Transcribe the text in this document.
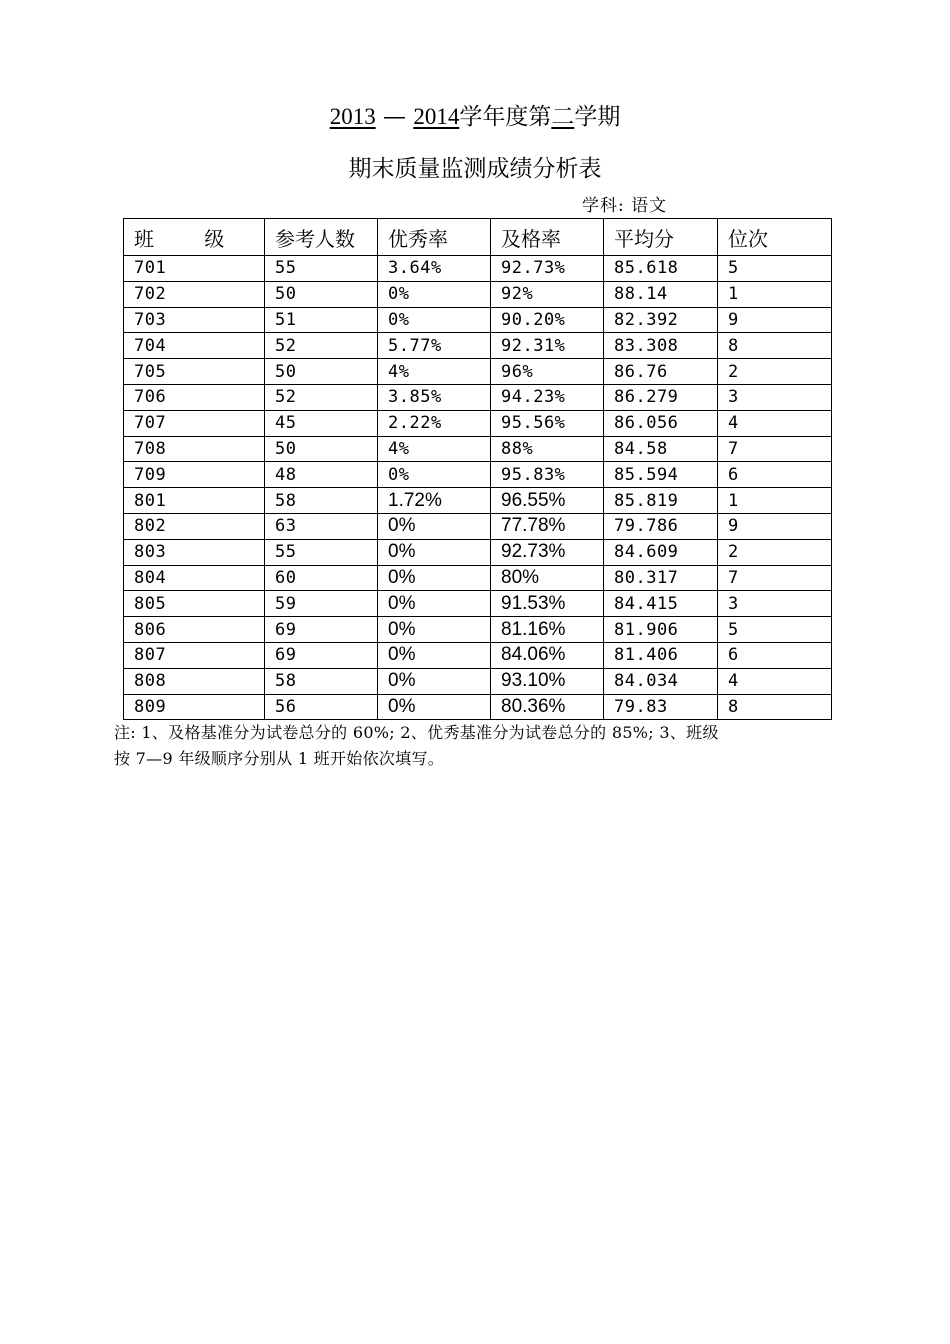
2013 — 2014学年度第二学期
期末质量监测成绩分析表
学科: 语文
班 级	参考人数	优秀率	及格率	平均分	位次
701	55	3.64%	92.73%	85.618	5
702	50	0%	92%	88.14	1
703	51	0%	90.20%	82.392	9
704	52	5.77%	92.31%	83.308	8
705	50	4%	96%	86.76	2
706	52	3.85%	94.23%	86.279	3
707	45	2.22%	95.56%	86.056	4
708	50	4%	88%	84.58	7
709	48	0%	95.83%	85.594	6
801	58	1.72%	96.55%	85.819	1
802	63	0%	77.78%	79.786	9
803	55	0%	92.73%	84.609	2
804	60	0%	80%	80.317	7
805	59	0%	91.53%	84.415	3
806	69	0%	81.16%	81.906	5
807	69	0%	84.06%	81.406	6
808	58	0%	93.10%	84.034	4
809	56	0%	80.36%	79.83	8
注: 1、及格基准分为试卷总分的 60%; 2、优秀基准分为试卷总分的 85%; 3、班级
按 7—9 年级顺序分别从 1 班开始依次填写。
